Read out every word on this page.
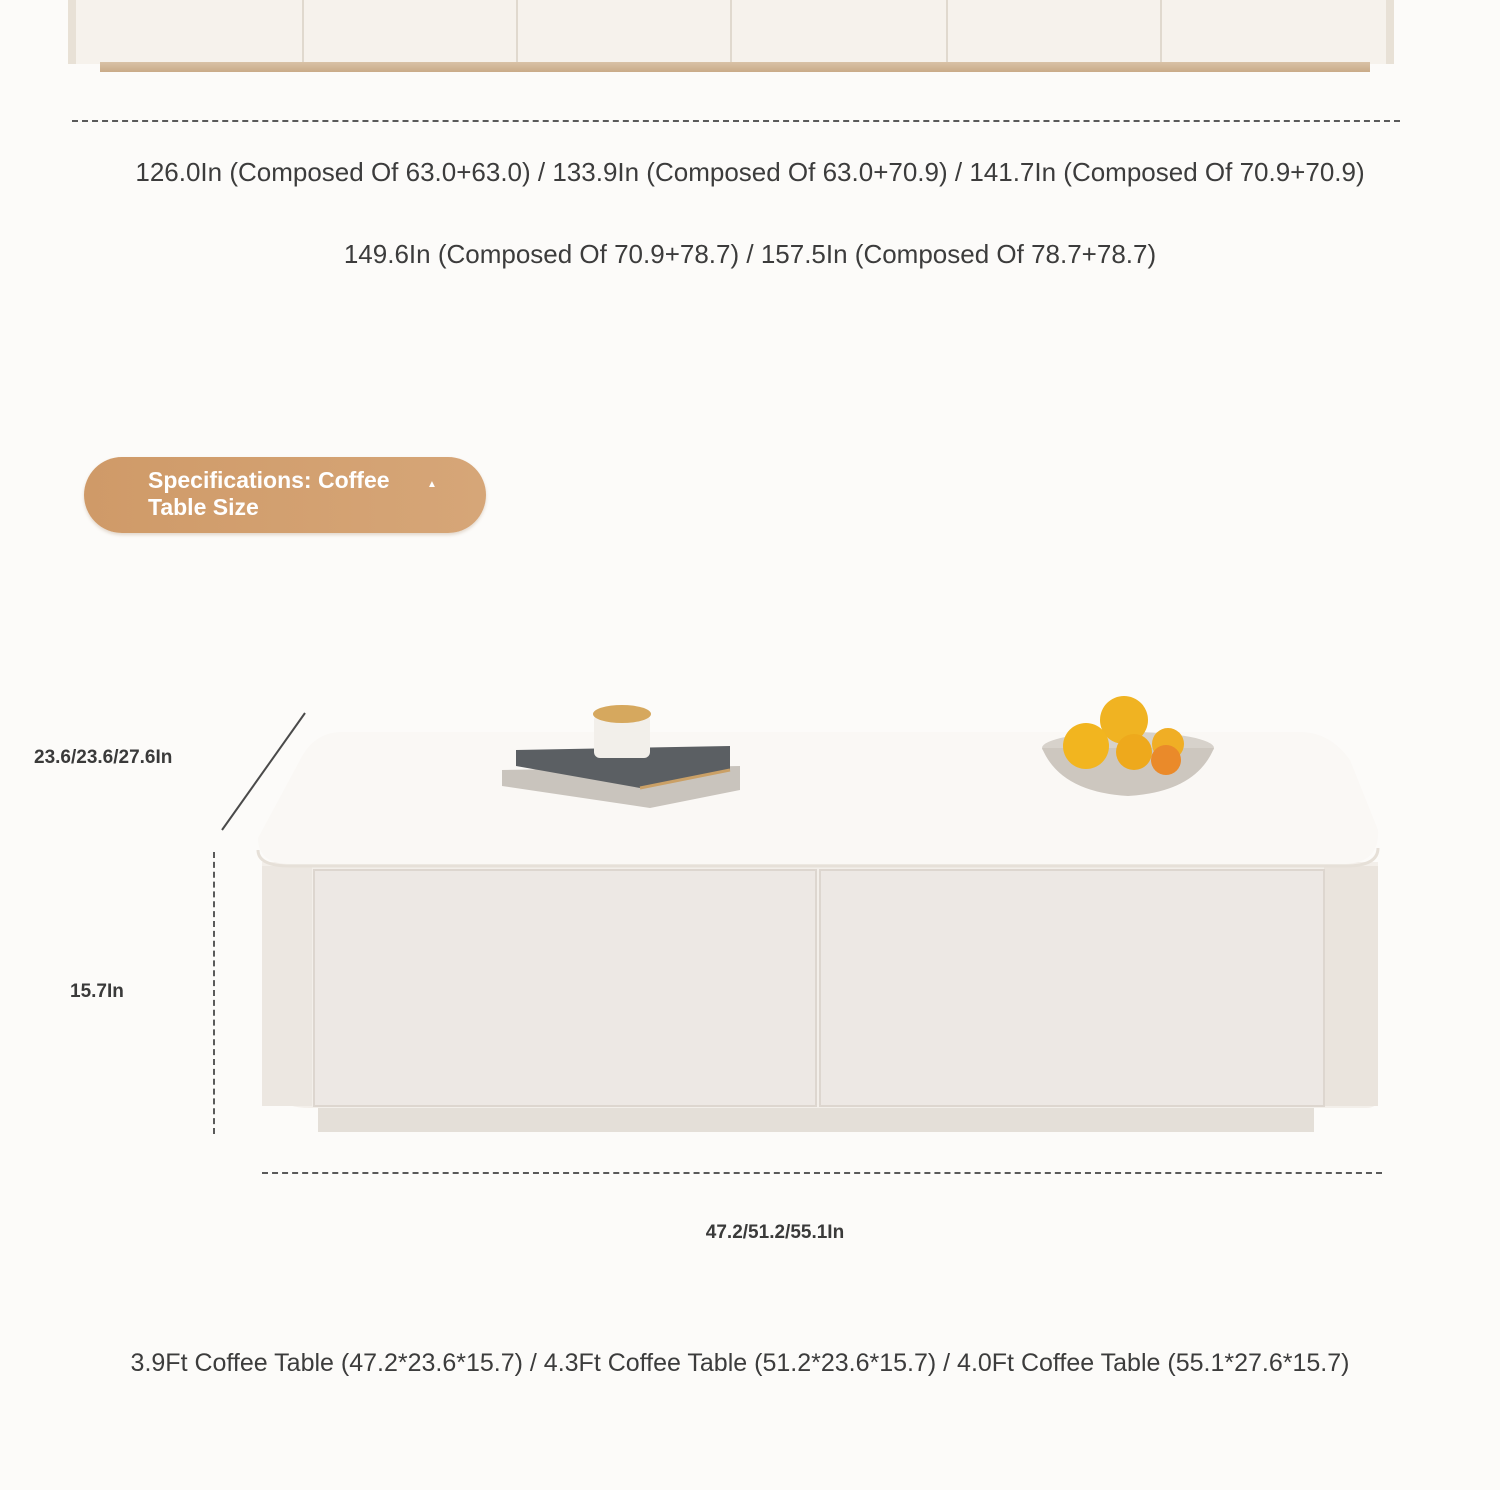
126.0In (Composed Of 63.0+63.0) / 133.9In (Composed Of 63.0+70.9) / 141.7In (Composed Of 70.9+70.9)
149.6In (Composed Of 70.9+78.7) / 157.5In (Composed Of 78.7+78.7)
Specifications: Coffee Table Size
▲
23.6/23.6/27.6In
15.7In
47.2/51.2/55.1In
3.9Ft Coffee Table (47.2*23.6*15.7) / 4.3Ft Coffee Table (51.2*23.6*15.7) / 4.0Ft Coffee Table (55.1*27.6*15.7)
